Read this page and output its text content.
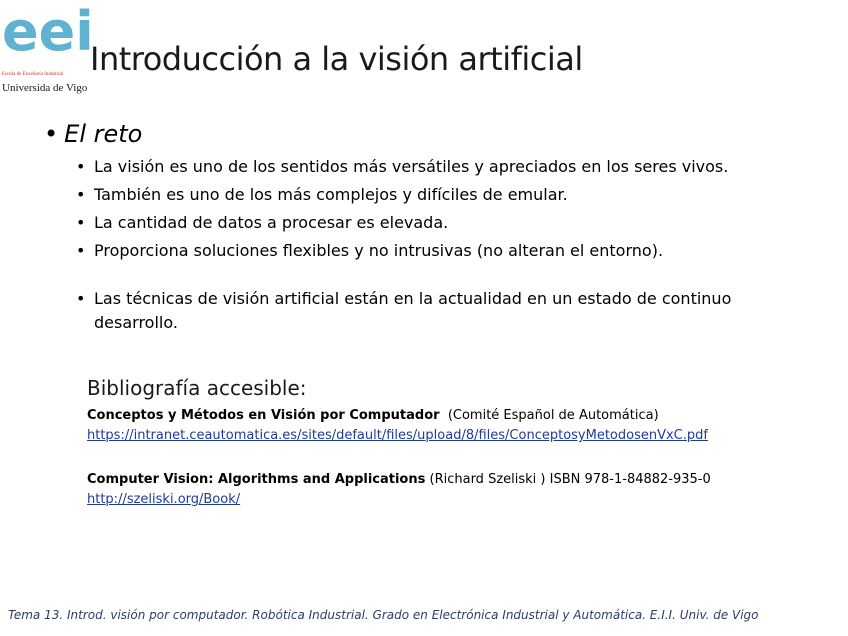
eei
Escola de Enxeñaría Industrial
Universida de Vigo
Introducción a la visión artificial
• El reto
• La visión es uno de los sentidos más versátiles y apreciados en los seres vivos.
• También es uno de los más complejos y difíciles de emular.
• La cantidad de datos a procesar es elevada.
• Proporciona soluciones flexibles y no intrusivas (no alteran el entorno).
• Las técnicas de visión artificial están en la actualidad en un estado de continuo desarrollo.
Bibliografía accesible:
Conceptos y Métodos en Visión por Computador (Comité Español de Automática)
https://intranet.ceautomatica.es/sites/default/files/upload/8/files/ConceptosyMetodosenVxC.pdf
Computer Vision: Algorithms and Applications (Richard Szeliski ) ISBN 978-1-84882-935-0
http://szeliski.org/Book/
Tema 13. Introd. visión por computador. Robótica Industrial. Grado en Electrónica Industrial y Automática. E.I.I. Univ. de Vigo
